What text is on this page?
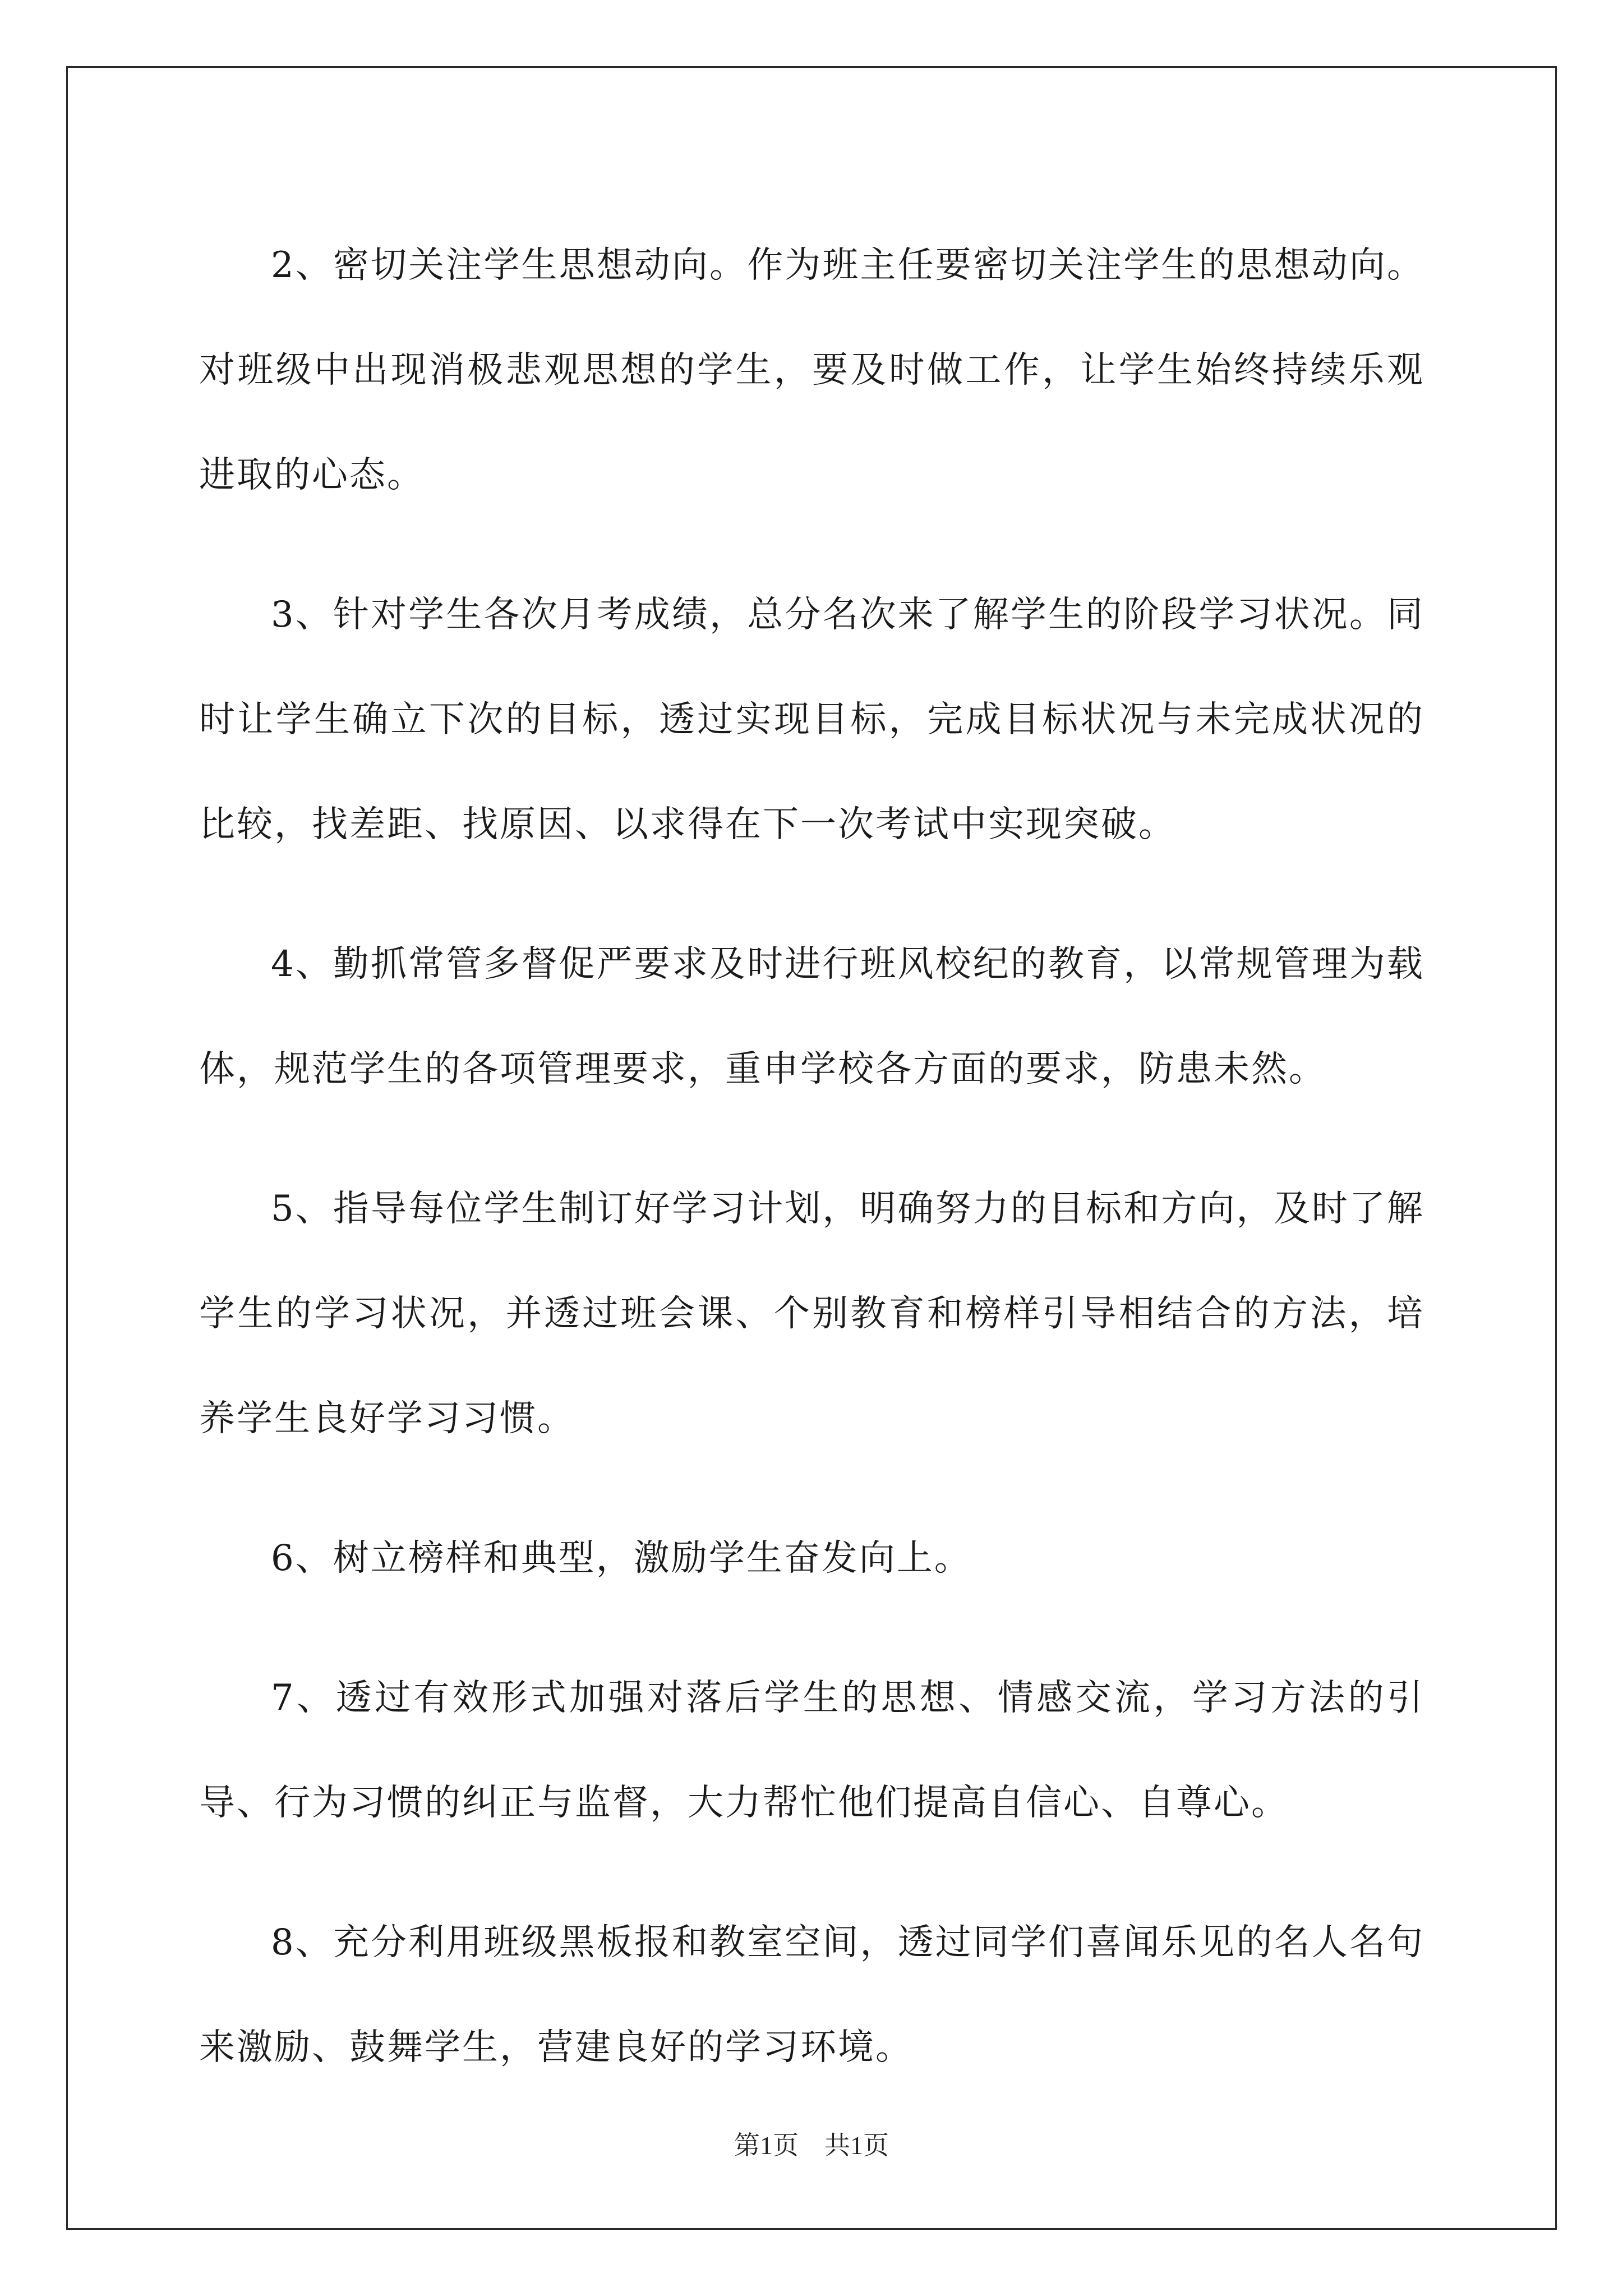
2、密切关注学生思想动向。作为班主任要密切关注学生的思想动向。对班级中出现消极悲观思想的学生，要及时做工作，让学生始终持续乐观进取的心态。

3、针对学生各次月考成绩，总分名次来了解学生的阶段学习状况。同时让学生确立下次的目标，透过实现目标，完成目标状况与未完成状况的比较，找差距、找原因、以求得在下一次考试中实现突破。

4、勤抓常管多督促严要求及时进行班风校纪的教育，以常规管理为载体，规范学生的各项管理要求，重申学校各方面的要求，防患未然。

5、指导每位学生制订好学习计划，明确努力的目标和方向，及时了解学生的学习状况，并透过班会课、个别教育和榜样引导相结合的方法，培养学生良好学习习惯。

6、树立榜样和典型，激励学生奋发向上。

7、透过有效形式加强对落后学生的思想、情感交流，学习方法的引导、行为习惯的纠正与监督，大力帮忙他们提高自信心、自尊心。

8、充分利用班级黑板报和教室空间，透过同学们喜闻乐见的名人名句来激励、鼓舞学生，营建良好的学习环境。

第1页　共1页
